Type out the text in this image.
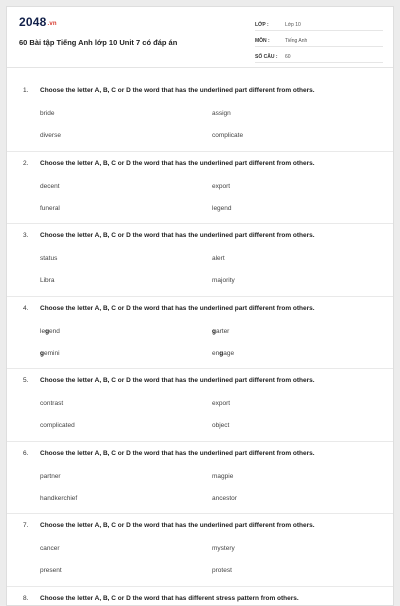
2048.vn
60 Bài tập Tiếng Anh lớp 10 Unit 7 có đáp án
LỚP :	Lớp 10
MÔN :	Tiếng Anh
SỐ CÂU :	60
1. Choose the letter A, B, C or D the word that has the underlined part different from others.
bride	assign
diverse	complicate
2. Choose the letter A, B, C or D the word that has the underlined part different from others.
decent	export
funeral	legend
3. Choose the letter A, B, C or D the word that has the underlined part different from others.
status	alert
Libra	majority
4. Choose the letter A, B, C or D the word that has the underlined part different from others.
legend	garter
gemini	engage
5. Choose the letter A, B, C or D the word that has the underlined part different from others.
contrast	export
complicated	object
6. Choose the letter A, B, C or D the word that has the underlined part different from others.
partner	magpie
handkerchief	ancestor
7. Choose the letter A, B, C or D the word that has the underlined part different from others.
cancer	mystery
present	protest
8. Choose the letter A, B, C or D the word that has different stress pattern from others.
